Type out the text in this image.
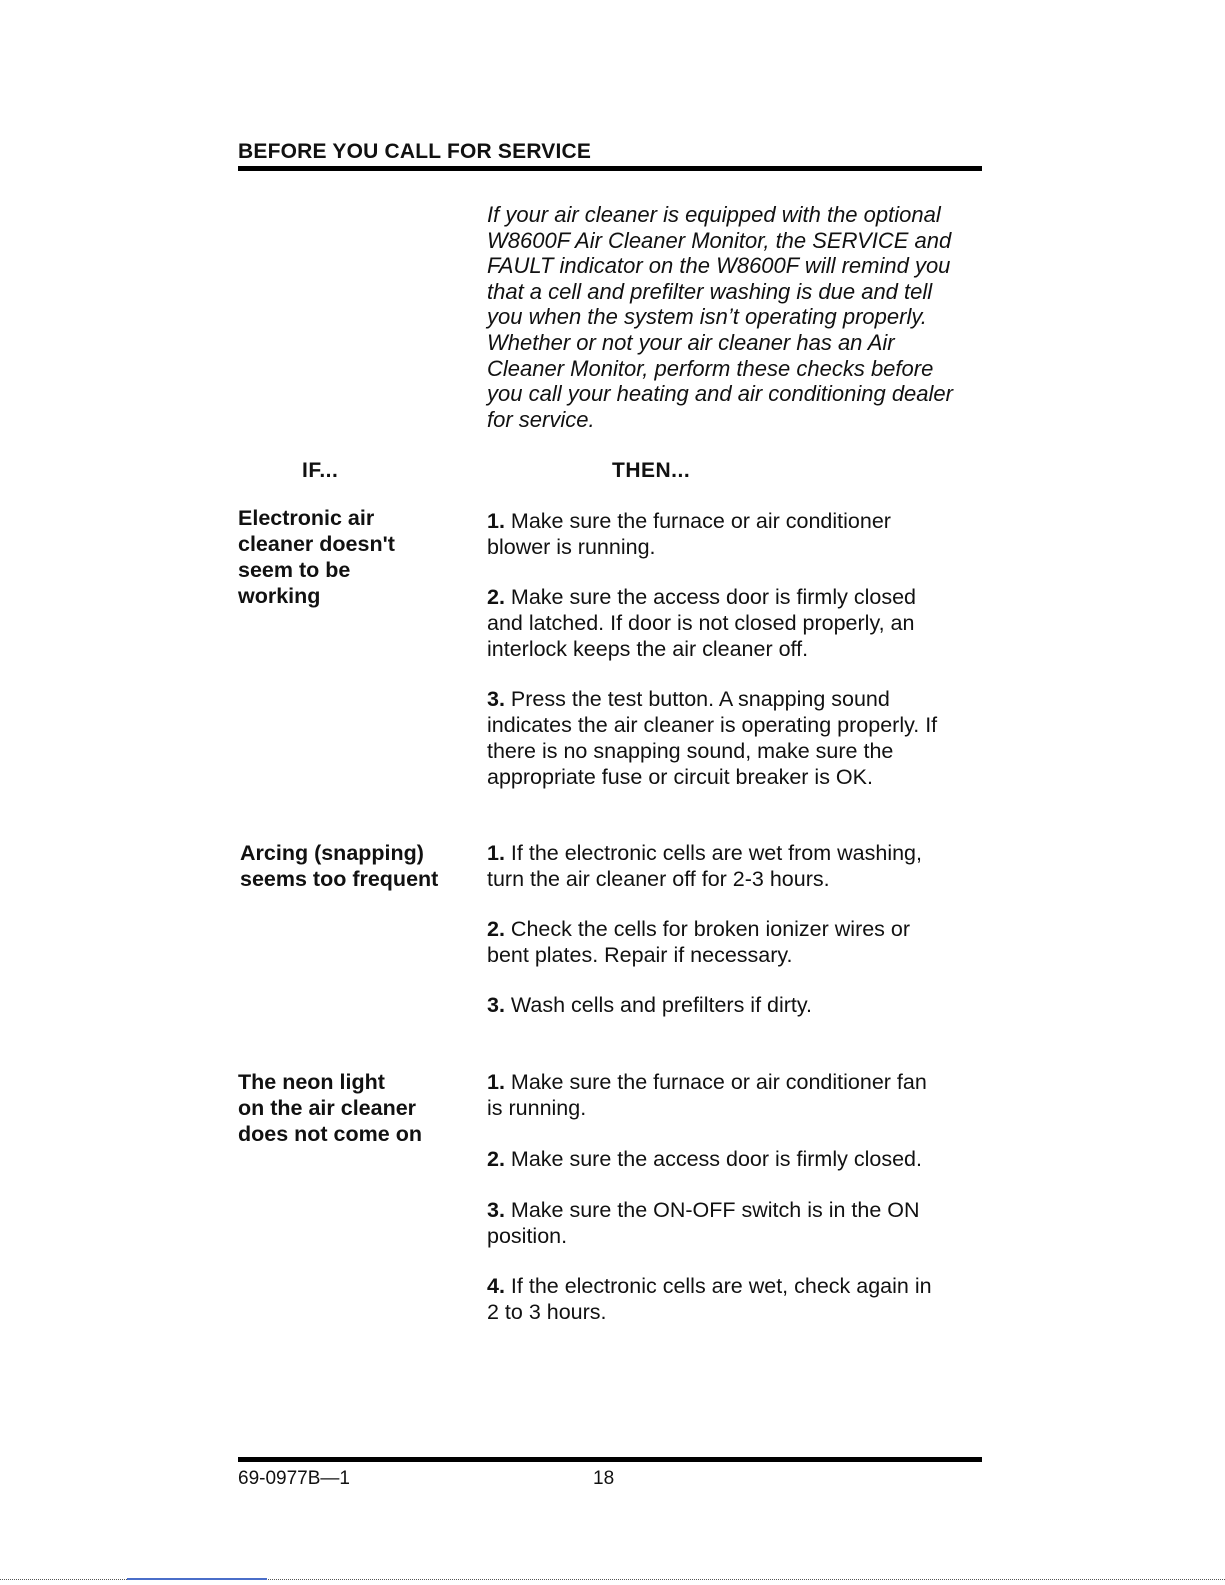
BEFORE YOU CALL FOR SERVICE
If your air cleaner is equipped with the optional
W8600F Air Cleaner Monitor, the SERVICE and
FAULT indicator on the W8600F will remind you
that a cell and prefilter washing is due and tell
you when the system isn’t operating properly.
Whether or not your air cleaner has an Air
Cleaner Monitor, perform these checks before
you call your heating and air conditioning dealer
for service.
IF...	THEN...
Electronic air
cleaner doesn't
seem to be
working
1. Make sure the furnace or air conditioner
blower is running.
2. Make sure the access door is firmly closed
and latched. If door is not closed properly, an
interlock keeps the air cleaner off.
3. Press the test button. A snapping sound
indicates the air cleaner is operating properly. If
there is no snapping sound, make sure the
appropriate fuse or circuit breaker is OK.
Arcing (snapping)
seems too frequent
1. If the electronic cells are wet from washing,
turn the air cleaner off for 2-3 hours.
2. Check the cells for broken ionizer wires or
bent plates. Repair if necessary.
3. Wash cells and prefilters if dirty.
The neon light
on the air cleaner
does not come on
1. Make sure the furnace or air conditioner fan
is running.
2. Make sure the access door is firmly closed.
3. Make sure the ON-OFF switch is in the ON
position.
4. If the electronic cells are wet, check again in
2 to 3 hours.
69-0977B—1	18
